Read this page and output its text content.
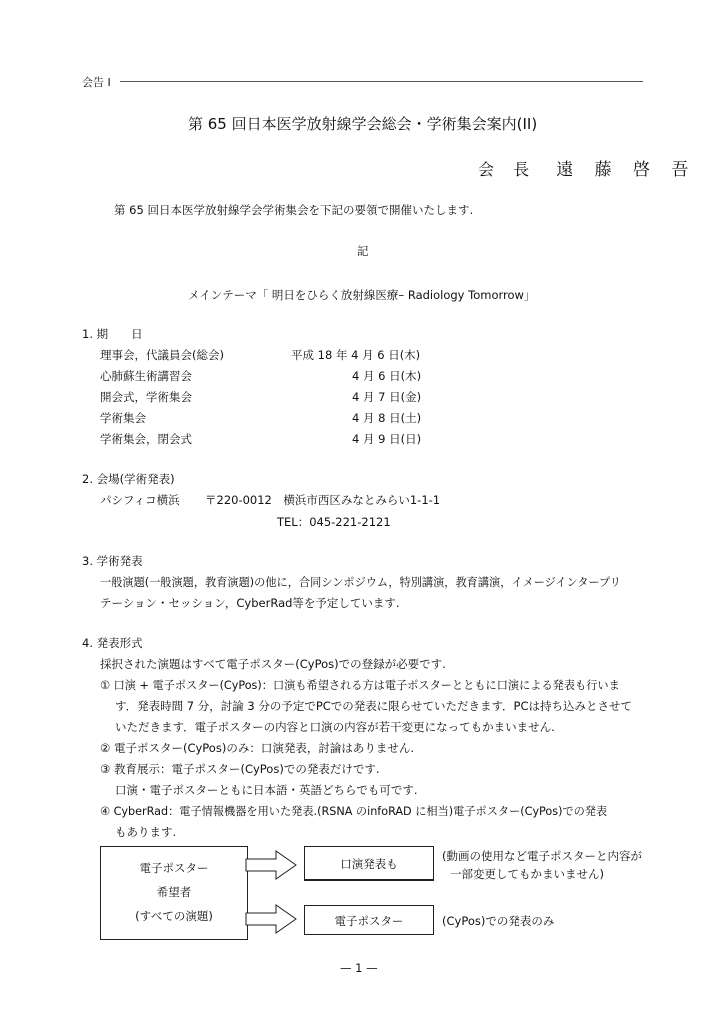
会告 I
第 65 回日本医学放射線学会総会・学術集会案内(II)
会 長 遠 藤 啓 吾
第 65 回日本医学放射線学会学術集会を下記の要領で開催いたします.
記
メインテーマ「 明日をひらく放射線医療– Radiology Tomorrow」
1. 期　　日
理事会，代議員会(総会)	平成 18 年 4 月 6 日(木)
心肺蘇生術講習会	4 月 6 日(木)
開会式，学術集会	4 月 7 日(金)
学術集会	4 月 8 日(土)
学術集会，閉会式	4 月 9 日(日)
2. 会場(学術発表)
パシフィコ横浜 〒220-0012　横浜市西区みなとみらい1-1-1
TEL：045-221-2121
3. 学術発表
一般演題(一般演題，教育演題)の他に，合同シンポジウム，特別講演，教育講演，イメージインタープリ
テーション・セッション，CyberRad等を予定しています.
4. 発表形式
採択された演題はすべて電子ポスター(CyPos)での登録が必要です.
① 口演 + 電子ポスター(CyPos)：口演も希望される方は電子ポスターとともに口演による発表も行いま
す．発表時間 7 分，討論 3 分の予定でPCでの発表に限らせていただきます．PCは持ち込みとさせて
いただきます．電子ポスターの内容と口演の内容が若干変更になってもかまいません.
② 電子ポスター(CyPos)のみ：口演発表，討論はありません.
③ 教育展示：電子ポスター(CyPos)での発表だけです.
口演・電子ポスターともに日本語・英語どちらでも可です.
④ CyberRad：電子情報機器を用いた発表.(RSNA のinfoRAD に相当)電子ポスター(CyPos)での発表
もあります.
電子ポスター
希望者
(すべての演題)
口演発表も
電子ポスター
(動画の使用など電子ポスターと内容が
一部変更してもかまいません)
(CyPos)での発表のみ
— 1 —
